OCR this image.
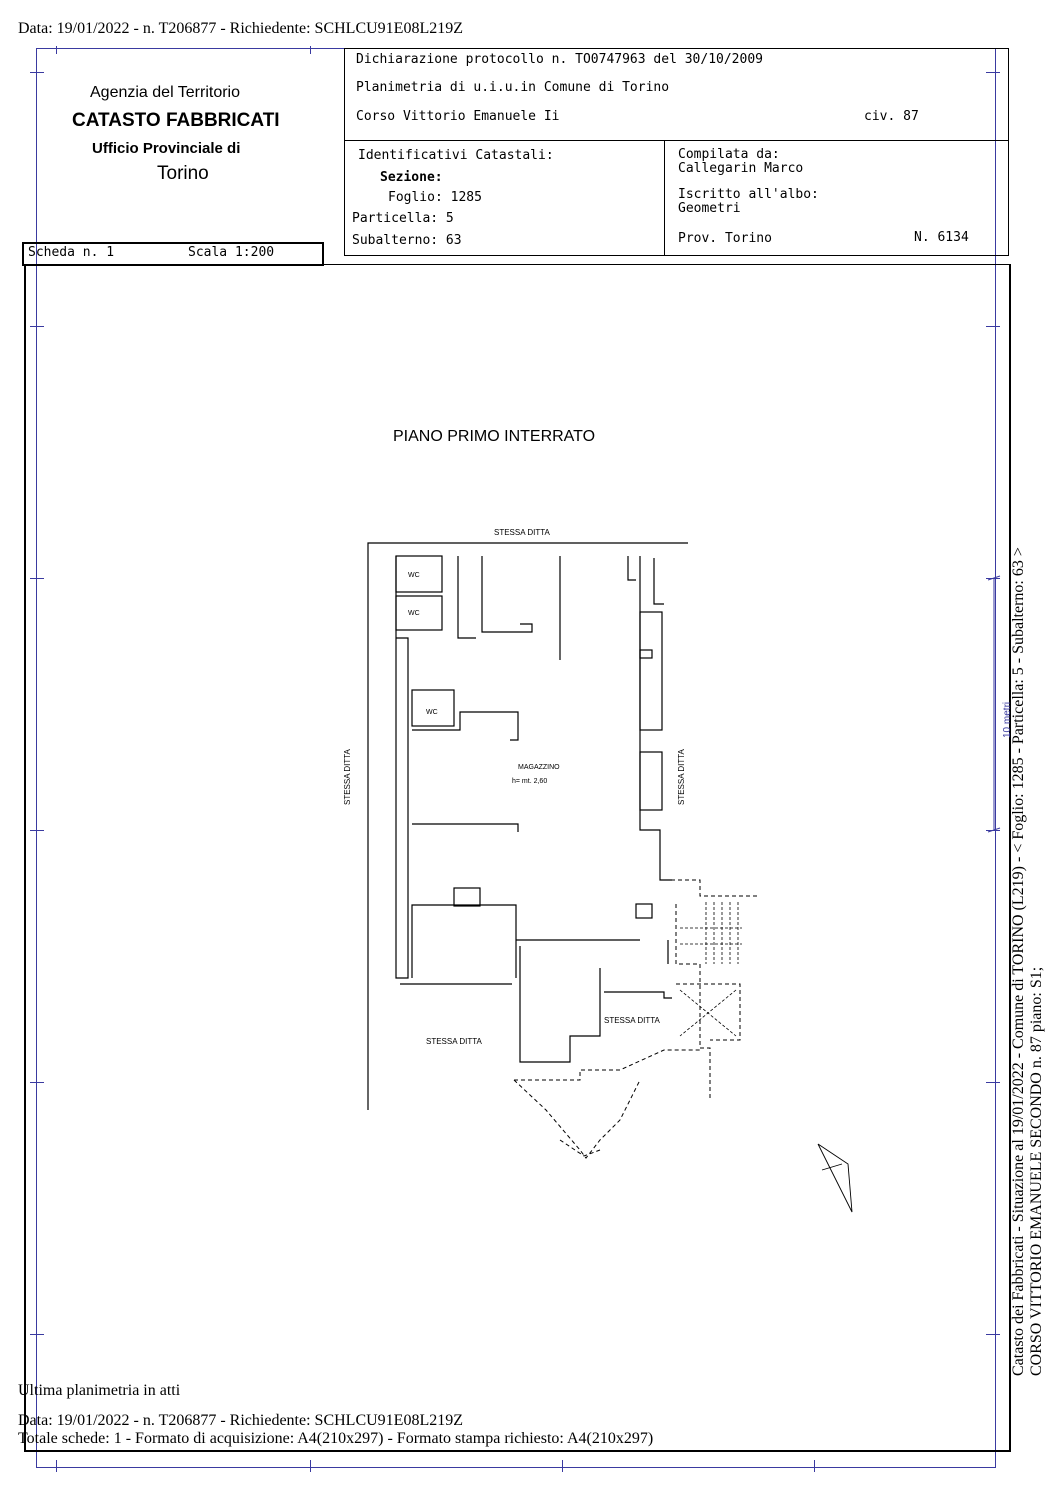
Data: 19/01/2022 - n. T206877 - Richiedente: SCHLCU91E08L219Z
Agenzia del Territorio
CATASTO FABBRICATI
Ufficio Provinciale di
Torino
Scheda n. 1	Scala 1:200
Dichiarazione protocollo n. TO0747963 del 30/10/2009
Planimetria di u.i.u.in Comune di Torino
Corso Vittorio Emanuele Ii	civ. 87
Identificativi Catastali:
Sezione:
Foglio: 1285
Particella: 5
Subalterno: 63
Compilata da:
Callegarin Marco
Iscritto all'albo:
Geometri
Prov. Torino	N. 6134
PIANO PRIMO INTERRATO
STESSA DITTA
STESSA DITTA	STESSA DITTA
STESSA DITTA
STESSA DITTA
WC
WC
WC
MAGAZZINO
h= mt. 2,60	Catasto dei Fabbricati - Situazione al 19/01/2022 - Comune di TORINO (L219) - < Foglio: 1285 - Particella: 5 - Subalterno: 63 > CORSO VITTORIO EMANUELE SECONDO n. 87 piano: S1;
10 metri
Ultima planimetria in atti
Data: 19/01/2022 - n. T206877 - Richiedente: SCHLCU91E08L219Z
Totale schede: 1 - Formato di acquisizione: A4(210x297) - Formato stampa richiesto: A4(210x297)
